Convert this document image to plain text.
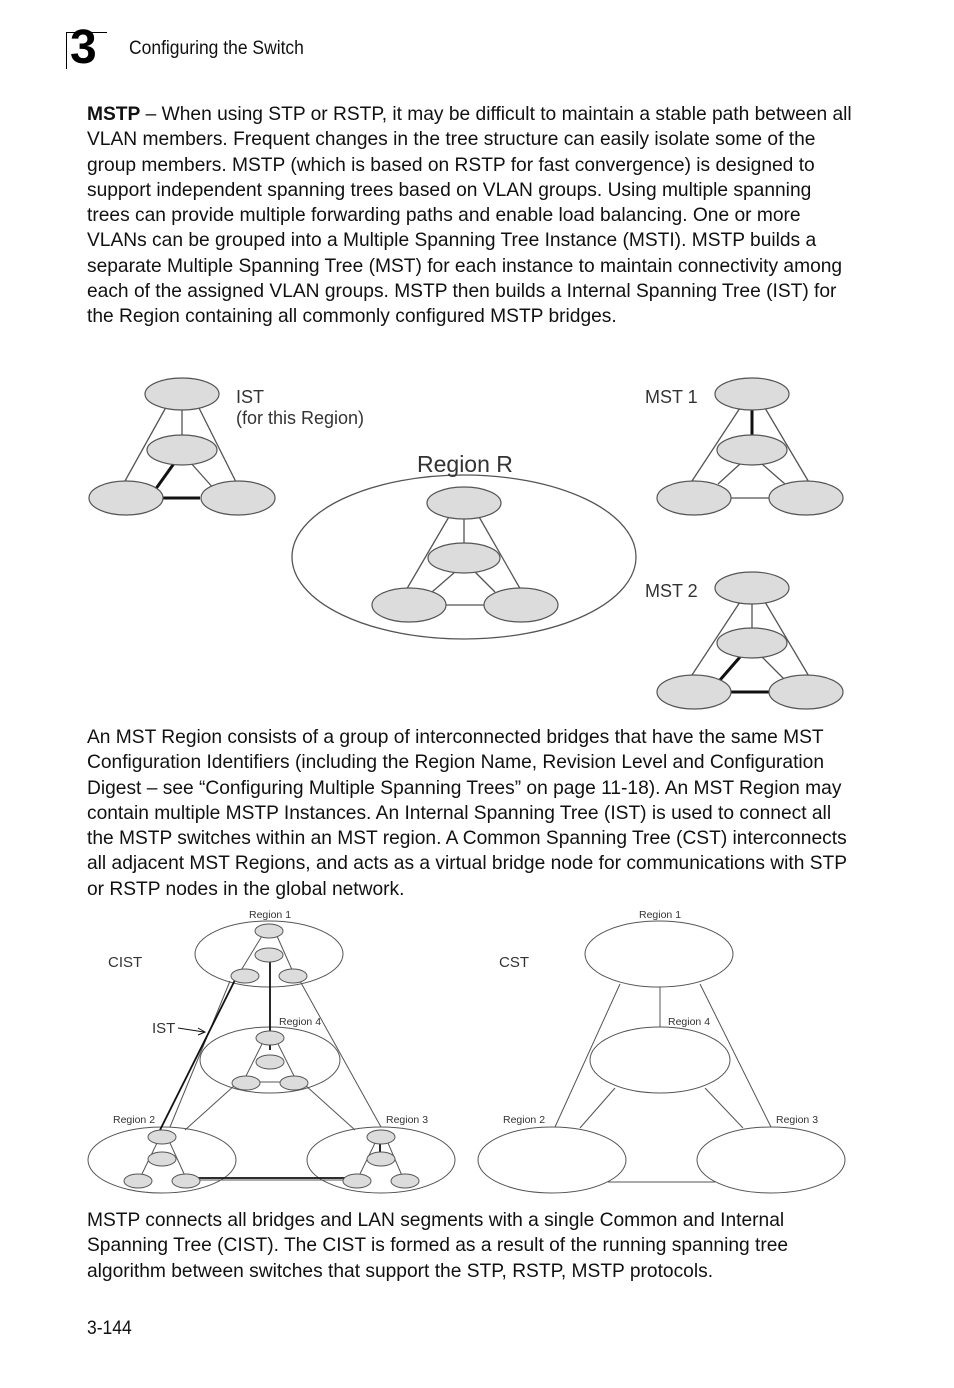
3 Configuring the Switch
MSTP – When using STP or RSTP, it may be difficult to maintain a stable path between all VLAN members. Frequent changes in the tree structure can easily isolate some of the group members. MSTP (which is based on RSTP for fast convergence) is designed to support independent spanning trees based on VLAN groups. Using multiple spanning trees can provide multiple forwarding paths and enable load balancing. One or more VLANs can be grouped into a Multiple Spanning Tree Instance (MSTI). MSTP builds a separate Multiple Spanning Tree (MST) for each instance to maintain connectivity among each of the assigned VLAN groups. MSTP then builds a Internal Spanning Tree (IST) for the Region containing all commonly configured MSTP bridges.
IST
(for this Region)
Region R
MST 1
MST 2
Region 1
CIST
IST	Region 4
Region 2	Region 3
Region 1
CST
Region 4
Region 2	Region 3
An MST Region consists of a group of interconnected bridges that have the same MST Configuration Identifiers (including the Region Name, Revision Level and Configuration Digest – see “Configuring Multiple Spanning Trees” on page 11-18). An MST Region may contain multiple MSTP Instances. An Internal Spanning Tree (IST) is used to connect all the MSTP switches within an MST region. A Common Spanning Tree (CST) interconnects all adjacent MST Regions, and acts as a virtual bridge node for communications with STP or RSTP nodes in the global network.
MSTP connects all bridges and LAN segments with a single Common and Internal Spanning Tree (CIST). The CIST is formed as a result of the running spanning tree algorithm between switches that support the STP, RSTP, MSTP protocols.
3-144
